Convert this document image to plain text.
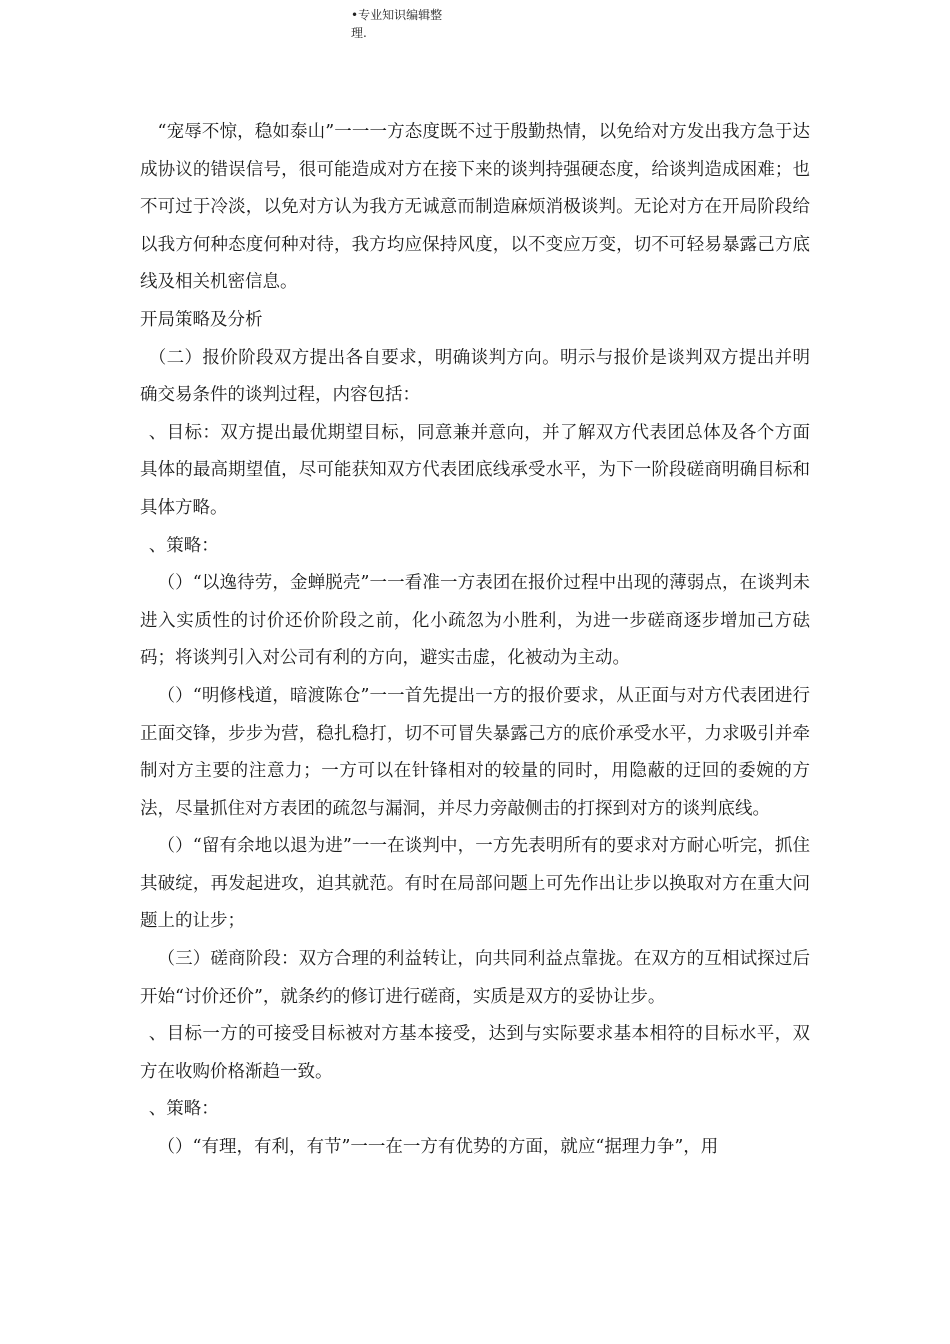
•专业知识编辑整
理.

“宠辱不惊，稳如泰山”一一一方态度既不过于殷勤热情，以免给对方发出我方急于达成协议的错误信号，很可能造成对方在接下来的谈判持强硬态度，给谈判造成困难；也不可过于冷淡，以免对方认为我方无诚意而制造麻烦消极谈判。无论对方在开局阶段给以我方何种态度何种对待，我方均应保持风度，以不变应万变，切不可轻易暴露己方底线及相关机密信息。

开局策略及分析

（二）报价阶段双方提出各自要求，明确谈判方向。明示与报价是谈判双方提出并明确交易条件的谈判过程，内容包括：

、目标：双方提出最优期望目标，同意兼并意向，并了解双方代表团总体及各个方面具体的最高期望值，尽可能获知双方代表团底线承受水平，为下一阶段磋商明确目标和具体方略。

、策略：

（）“以逸待劳，金蝉脱壳”一一看准一方表团在报价过程中出现的薄弱点，在谈判未进入实质性的讨价还价阶段之前，化小疏忽为小胜利，为进一步磋商逐步增加己方砝码；将谈判引入对公司有利的方向，避实击虚，化被动为主动。

（）“明修栈道，暗渡陈仓”一一首先提出一方的报价要求，从正面与对方代表团进行正面交锋，步步为营，稳扎稳打，切不可冒失暴露己方的底价承受水平，力求吸引并牵制对方主要的注意力；一方可以在针锋相对的较量的同时，用隐蔽的迂回的委婉的方法，尽量抓住对方表团的疏忽与漏洞，并尽力旁敲侧击的打探到对方的谈判底线。

（）“留有余地以退为进”一一在谈判中，一方先表明所有的要求对方耐心听完，抓住其破绽，再发起进攻，迫其就范。有时在局部问题上可先作出让步以换取对方在重大问题上的让步；

（三）磋商阶段：双方合理的利益转让，向共同利益点靠拢。在双方的互相试探过后开始“讨价还价”，就条约的修订进行磋商，实质是双方的妥协让步。

、目标一方的可接受目标被对方基本接受，达到与实际要求基本相符的目标水平，双方在收购价格渐趋一致。

、策略：

（）“有理，有利，有节”一一在一方有优势的方面，就应“据理力争”，用
